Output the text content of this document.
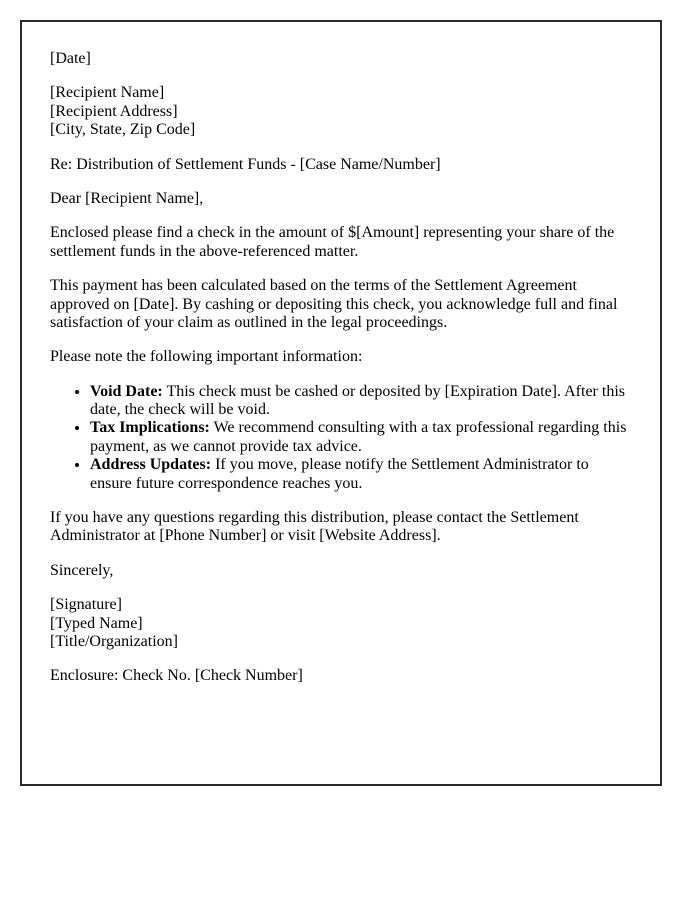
[Date]

[Recipient Name]
[Recipient Address]
[City, State, Zip Code]

Re: Distribution of Settlement Funds - [Case Name/Number]

Dear [Recipient Name],

Enclosed please find a check in the amount of $[Amount] representing your share of the settlement funds in the above-referenced matter.

This payment has been calculated based on the terms of the Settlement Agreement approved on [Date]. By cashing or depositing this check, you acknowledge full and final satisfaction of your claim as outlined in the legal proceedings.

Please note the following important information:

• Void Date: This check must be cashed or deposited by [Expiration Date]. After this date, the check will be void.
• Tax Implications: We recommend consulting with a tax professional regarding this payment, as we cannot provide tax advice.
• Address Updates: If you move, please notify the Settlement Administrator to ensure future correspondence reaches you.

If you have any questions regarding this distribution, please contact the Settlement Administrator at [Phone Number] or visit [Website Address].

Sincerely,

[Signature]
[Typed Name]
[Title/Organization]

Enclosure: Check No. [Check Number]
